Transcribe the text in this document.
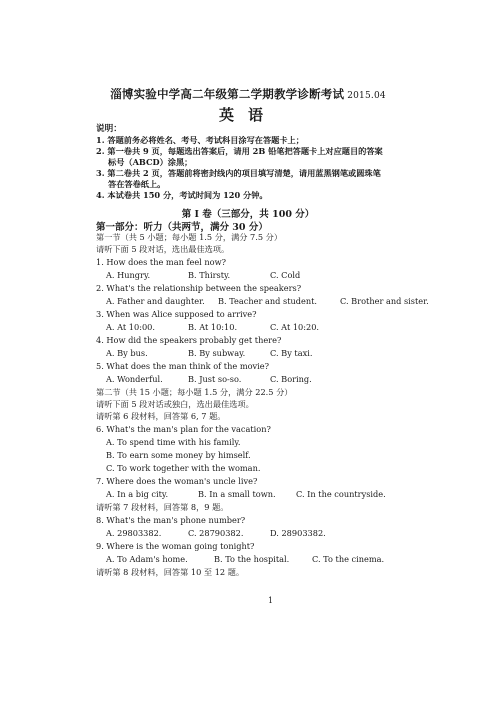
淄博实验中学高二年级第二学期教学诊断考试 2015.04
英语
说明：
1. 答题前务必将姓名、考号、考试科目涂写在答题卡上；
2. 第一卷共 9 页，每题选出答案后，请用 2B 铅笔把答题卡上对应题目的答案
标号（ABCD）涂黑；
3. 第二卷共 2 页，答题前将密封线内的项目填写清楚，请用蓝黑钢笔或圆珠笔
答在答卷纸上。
4. 本试卷共 150 分，考试时间为 120 分钟。
第 I 卷（三部分，共 100 分）
第一部分：听力（共两节，满分 30 分）
第一节（共 5 小题；每小题 1.5 分，满分 7.5 分）
请听下面 5 段对话，选出最佳选项。
1. How does the man feel now?
A. Hungry.	B. Thirsty.	C. Cold
2. What's the relationship between the speakers?
A. Father and daughter. B. Teacher and student.	C. Brother and sister.
3. When was Alice supposed to arrive?
A. At 10:00.	B. At 10:10.	C. At 10:20.
4. How did the speakers probably get there?
A. By bus.	B. By subway.	C. By taxi.
5. What does the man think of the movie?
A. Wonderful.	B. Just so-so.	C. Boring.
第二节（共 15 小题；每小题 1.5 分，满分 22.5 分）
请听下面 5 段对话或独白，选出最佳选项。
请听第 6 段材料，回答第 6, 7 题。
6. What's the man's plan for the vacation?
A. To spend time with his family.
B. To earn some money by himself.
C. To work together with the woman.
7. Where does the woman's uncle live?
A. In a big city.	B. In a small town. C. In the countryside.
请听第 7 段材料，回答第 8，9 题。
8. What's the man's phone number?
A. 29803382.	C. 28790382.	D. 28903382.
9. Where is the woman going tonight?
A. To Adam's home.	B. To the hospital.	C. To the cinema.
请听第 8 段材料，回答第 10 至 12 题。
1
